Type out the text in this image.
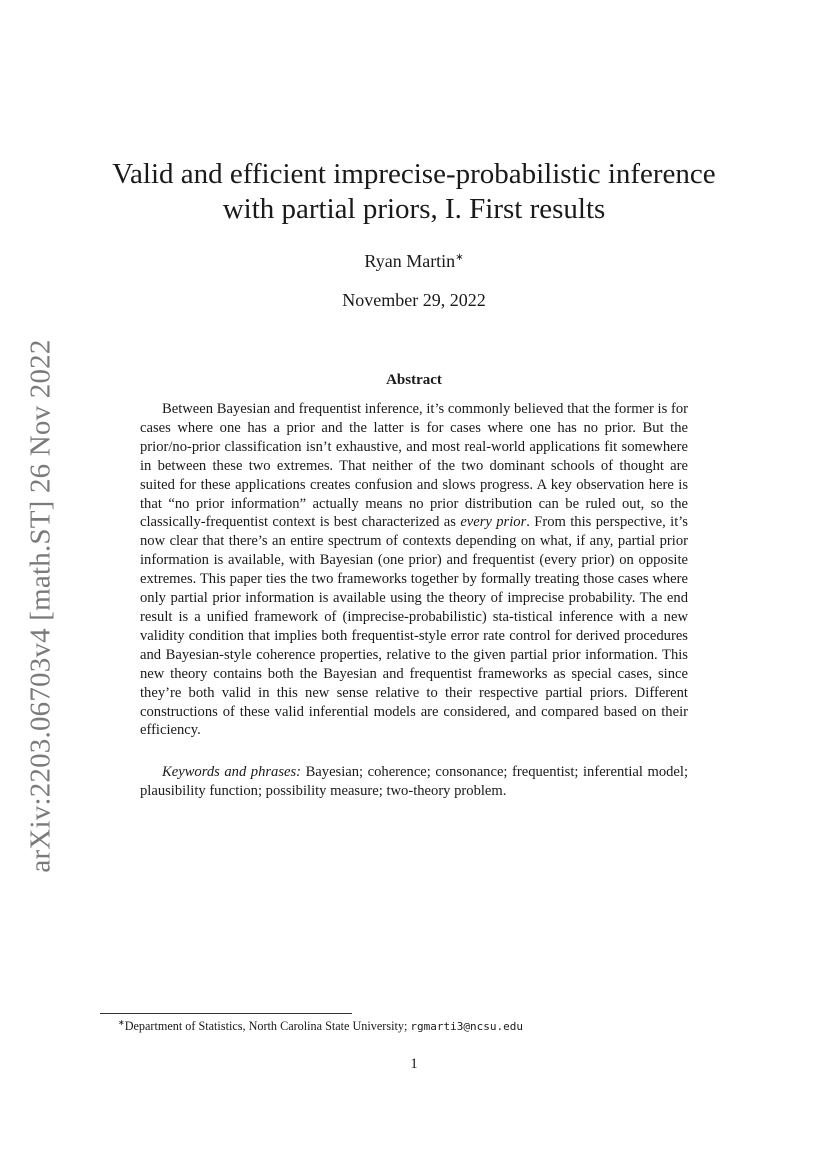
arXiv:2203.06703v4 [math.ST] 26 Nov 2022
Valid and efficient imprecise-probabilistic inference
with partial priors, I. First results
Ryan Martin∗
November 29, 2022
Abstract

Between Bayesian and frequentist inference, it’s commonly believed that the former is for cases where one has a prior and the latter is for cases where one has no prior. But the prior/no-prior classification isn’t exhaustive, and most real-world applications fit somewhere in between these two extremes. That neither of the two dominant schools of thought are suited for these applications creates confusion and slows progress. A key observation here is that “no prior information” actually means no prior distribution can be ruled out, so the classically-frequentist context is best characterized as every prior. From this perspective, it’s now clear that there’s an entire spectrum of contexts depending on what, if any, partial prior information is available, with Bayesian (one prior) and frequentist (every prior) on opposite extremes. This paper ties the two frameworks together by formally treating those cases where only partial prior information is available using the theory of imprecise probability. The end result is a unified framework of (imprecise-probabilistic) sta-tistical inference with a new validity condition that implies both frequentist-style error rate control for derived procedures and Bayesian-style coherence properties, relative to the given partial prior information. This new theory contains both the Bayesian and frequentist frameworks as special cases, since they’re both valid in this new sense relative to their respective partial priors. Different constructions of these valid inferential models are considered, and compared based on their efficiency.

Keywords and phrases: Bayesian; coherence; consonance; frequentist; inferential model; plausibility function; possibility measure; two-theory problem.

∗Department of Statistics, North Carolina State University; rgmarti3@ncsu.edu
1
